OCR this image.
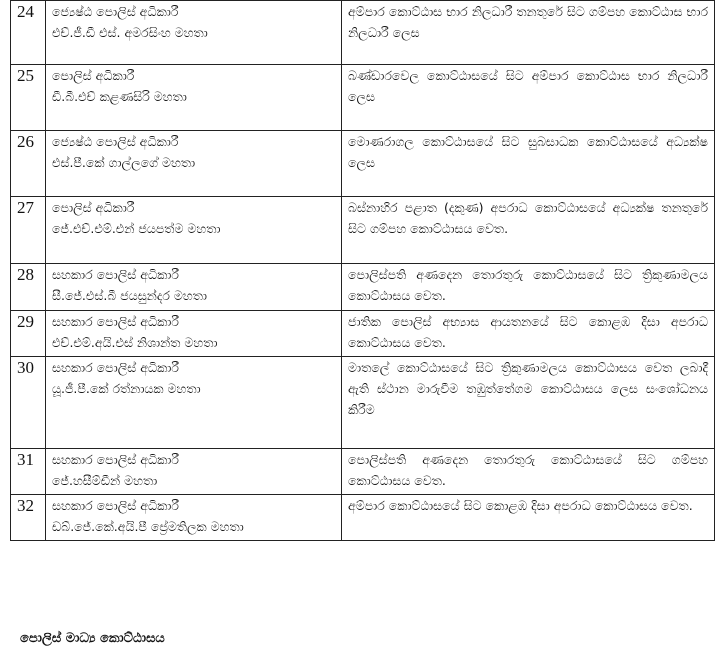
24	ජ්‍යෙෂ්ඨ පොලිස් අධිකාරී
එච්.ජී.ඩී එස්. අමරසිංහ මහතා	අම්පාර කොට්ඨාස භාර නිලධාරී තනතුරේ සිට ගම්පහ කොට්ඨාස භාර නිලධාරී ලෙස

25	පොලිස් අධිකාරී
ඩී.බී.එච් කළණසිරි මහතා	බණ්ඩාරවෙල කොට්ඨාසයේ සිට අම්පාර කොට්ඨාස භාර නිලධාරී ලෙස

26	ජ්‍යෙෂ්ඨ පොලිස් අධිකාරී
එස්.පී.කේ ගාල්ලගේ මහතා	මොණරාගල කොට්ඨාසයේ සිට සුබසාධක කොට්ඨාසයේ අධ්‍යක්ෂ ලෙස

27	පොලිස් අධිකාරී
ජේ.එච්.එම්.එන් ජයපත්ම මහතා	බස්නාහිර පළාත (දකුණ) අපරාධ කොට්ඨාසයේ අධ්‍යක්ෂ තනතුරේ සිට ගම්පහ කොට්ඨාසය වෙත.

28	සහකාර පොලිස් අධිකාරී
සී.ජේ.එස්.බී ජයසුන්දර මහතා	පොලිස්පති අණදෙන තොරතුරු කොට්ඨාසයේ සිට ත්‍රිකුණාමලය කොට්ඨාසය වෙත.

29	සහකාර පොලිස් අධිකාරී
එච්.එම්.අයි.එස් නිශාන්ත මහතා	ජාතික පොලිස් අභ්‍යාස ආයතනයේ සිට කොළඹ දිසා අපරාධ කොට්ඨාසය වෙත.

30	සහකාර පොලිස් අධිකාරී
යූ.ජී.පී.කේ රත්නායක මහතා	මාතලේ කොට්ඨාසයේ සිට ත්‍රිකුණාමලය කොට්ඨාසය වෙත ලබාදී ඇති ස්ථාන මාරුවීම තඹුත්තේගම කොට්ඨාසය ලෙස සංශෝධනය කිරීම

31	සහකාර පොලිස් අධිකාරී
ජේ.හසීම්ඩීන් මහතා	පොලිස්පති අණදෙන තොරතුරු කොට්ඨාසයේ සිට ගම්පහ කොට්ඨාසය වෙත.

32	සහකාර පොලිස් අධිකාරී
ඩබ්.ජේ.කේ.අයි.පී ප්‍රේමතිලක මහතා	අම්පාර කොට්ඨාසයේ සිට කොළඹ දිසා අපරාධ කොට්ඨාසය වෙත.
පොලිස් මාධ්‍ය කොට්ඨාසය
